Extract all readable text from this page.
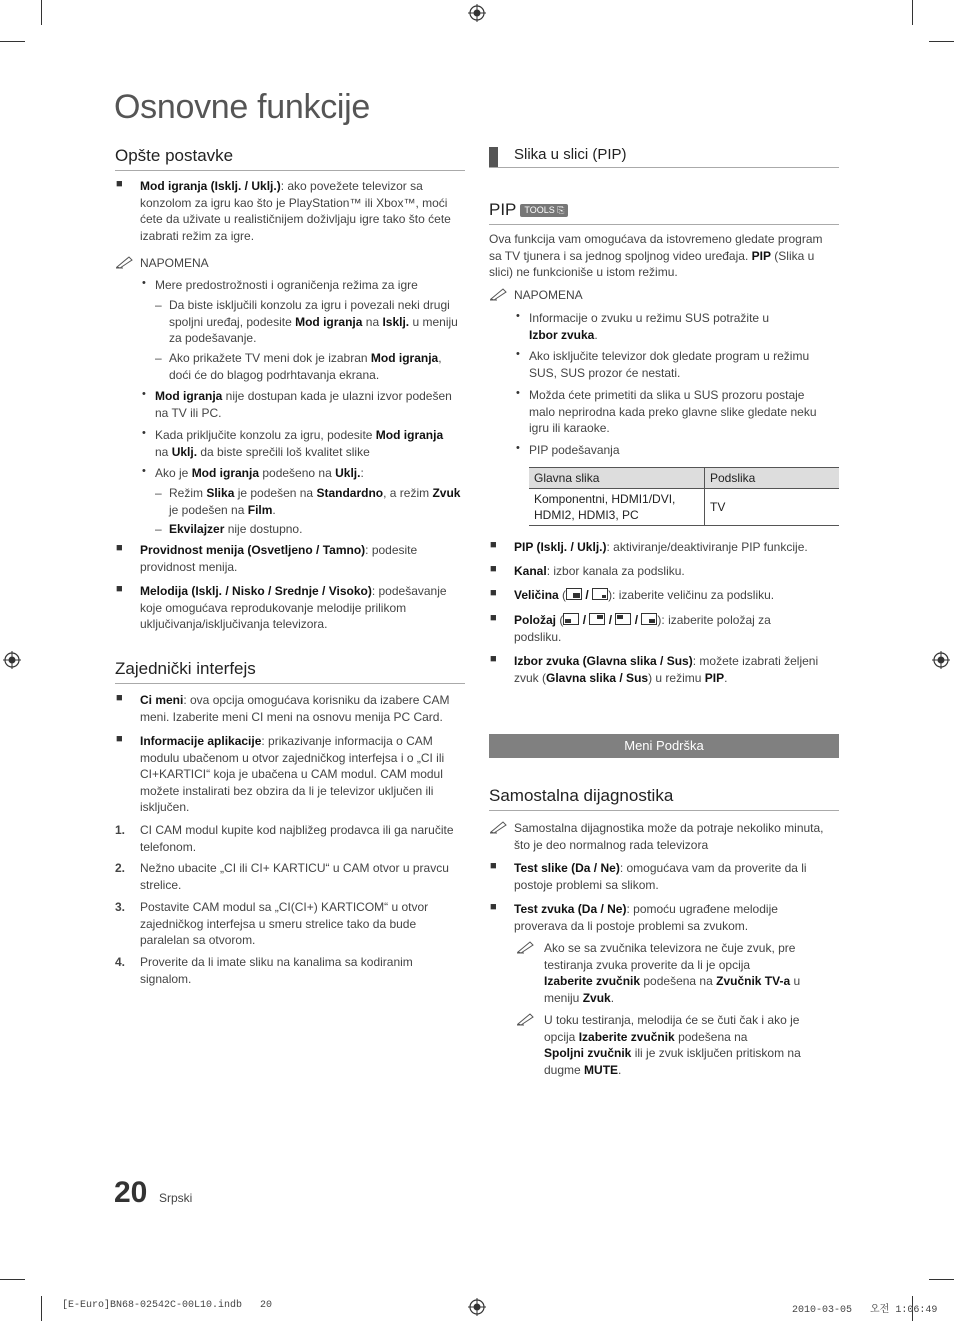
Osnovne funkcije
Opšte postavke
■ Mod igranja (Isklj. / Uklj.): ako povežete televizor sa
konzolom za igru kao što je PlayStation™ ili Xbox™, moći
ćete da uživate u realističnijem doživljaju igre tako što ćete
izabrati režim za igre.
NAPOMENA
• Mere predostrožnosti i ograničenja režima za igre
– Da biste isključili konzolu za igru i povezali neki drugi
spoljni uređaj, podesite Mod igranja na Isklj. u meniju
za podešavanje.
– Ako prikažete TV meni dok je izabran Mod igranja,
doći će do blagog podrhtavanja ekrana.
• Mod igranja nije dostupan kada je ulazni izvor podešen
na TV ili PC.
• Kada priključite konzolu za igru, podesite Mod igranja
na Uklj. da biste sprečili loš kvalitet slike
• Ako je Mod igranja podešeno na Uklj.:
– Režim Slika je podešen na Standardno, a režim Zvuk
je podešen na Film.
– Ekvilajzer nije dostupno.
■ Providnost menija (Osvetljeno / Tamno): podesite
providnost menija.
■ Melodija (Isklj. / Nisko / Srednje / Visoko): podešavanje
koje omogućava reprodukovanje melodije prilikom
uključivanja/isključivanja televizora.
Zajednički interfejs
■ Ci meni: ova opcija omogućava korisniku da izabere CAM
meni. Izaberite meni CI meni na osnovu menija PC Card.
■ Informacije aplikacije: prikazivanje informacija o CAM
modulu ubačenom u otvor zajedničkog interfejsa i o „CI ili
CI+KARTICI“ koja je ubačena u CAM modul. CAM modul
možete instalirati bez obzira da li je televizor uključen ili
isključen.
1. CI CAM modul kupite kod najbližeg prodavca ili ga naručite
telefonom.
2. Nežno ubacite „CI ili CI+ KARTICU“ u CAM otvor u pravcu
strelice.
3. Postavite CAM modul sa „CI(CI+) KARTICOM“ u otvor
zajedničkog interfejsa u smeru strelice tako da bude
paralelan sa otvorom.
4. Proverite da li imate sliku na kanalima sa kodiranim
signalom.
Slika u slici (PIP)
PIP TOOLS ⎘
Ova funkcija vam omogućava da istovremeno gledate program
sa TV tjunera i sa jednog spoljnog video uređaja. PIP (Slika u
slici) ne funkcioniše u istom režimu.
NAPOMENA
• Informacije o zvuku u režimu SUS potražite u
Izbor zvuka.
• Ako isključite televizor dok gledate program u režimu
SUS, SUS prozor će nestati.
• Možda ćete primetiti da slika u SUS prozoru postaje
malo neprirodna kada preko glavne slike gledate neku
igru ili karaoke.
• PIP podešavanja
Glavna slika	Podslika
Komponentni, HDMI1/DVI,
HDMI2, HDMI3, PC	TV
■ PIP (Isklj. / Uklj.): aktiviranje/deaktiviranje PIP funkcije.
■ Kanal: izbor kanala za podsliku.
■ Veličina (
/
): izaberite veličinu za podsliku.
■ Položaj (
/
/
/
): izaberite položaj za
podsliku.
■ Izbor zvuka (Glavna slika / Sus): možete izabrati željeni
zvuk (Glavna slika / Sus) u režimu PIP.
Meni Podrška
Samostalna dijagnostika
Samostalna dijagnostika može da potraje nekoliko minuta,
što je deo normalnog rada televizora
■ Test slike (Da / Ne): omogućava vam da proverite da li
postoje problemi sa slikom.
■ Test zvuka (Da / Ne): pomoću ugrađene melodije
proverava da li postoje problemi sa zvukom.
Ako se sa zvučnika televizora ne čuje zvuk, pre
testiranja zvuka proverite da li je opcija
Izaberite zvučnik podešena na Zvučnik TV-a u
meniju Zvuk.
U toku testiranja, melodija će se čuti čak i ako je
opcija Izaberite zvučnik podešena na
Spoljni zvučnik ili je zvuk isključen pritiskom na
dugme MUTE.
20 Srpski
[E-Euro]BN68-02542C-00L10.indb   20	2010-03-05   오전 1:06:49
